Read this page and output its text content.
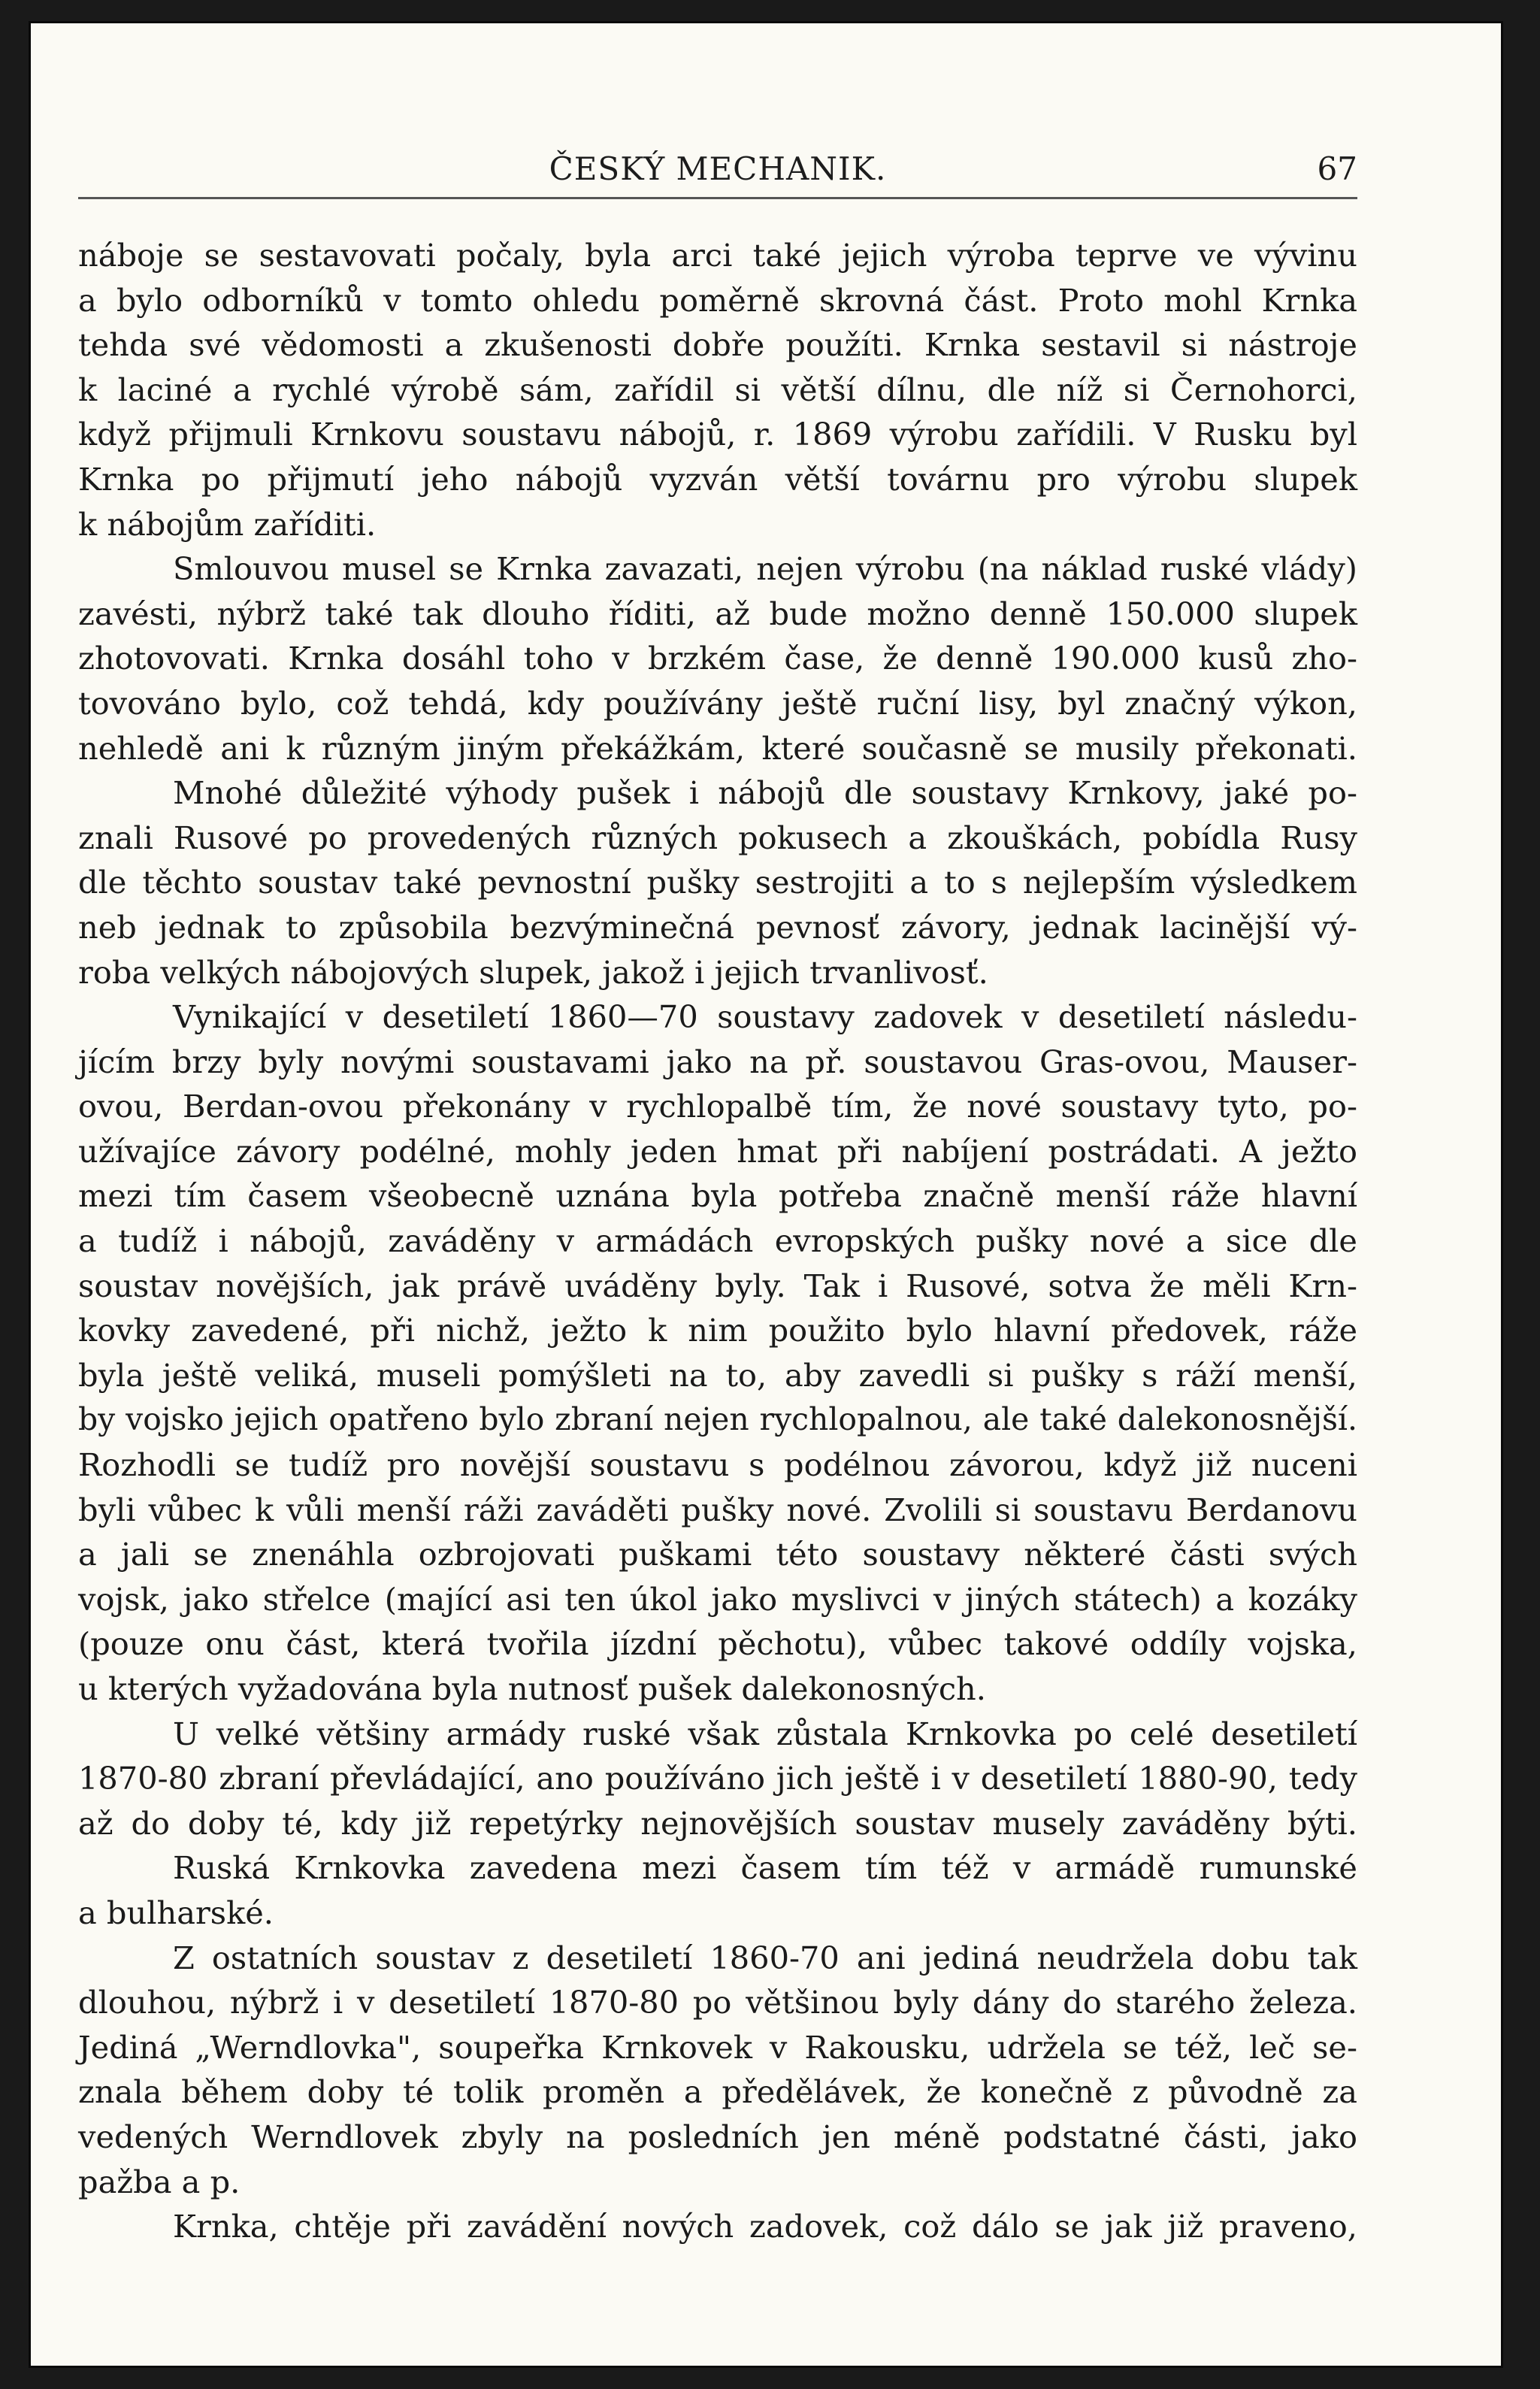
ČESKÝ MECHANIK.	67
náboje se sestavovati počaly, byla arci také jejich výroba teprve ve vývinu
a bylo odborníků v tomto ohledu poměrně skrovná část. Proto mohl Krnka
tehda své vědomosti a zkušenosti dobře použíti. Krnka sestavil si nástroje
k laciné a rychlé výrobě sám, zařídil si větší dílnu, dle níž si Černohorci,
když přijmuli Krnkovu soustavu nábojů, r. 1869 výrobu zařídili. V Rusku byl
Krnka po přijmutí jeho nábojů vyzván větší továrnu pro výrobu slupek
k nábojům zaříditi.
Smlouvou musel se Krnka zavazati, nejen výrobu (na náklad ruské vlády)
zavésti, nýbrž také tak dlouho říditi, až bude možno denně 150.000 slupek
zhotovovati. Krnka dosáhl toho v brzkém čase, že denně 190.000 kusů zho-
tovováno bylo, což tehdá, kdy používány ještě ruční lisy, byl značný výkon,
nehledě ani k různým jiným překážkám, které současně se musily překonati.
Mnohé důležité výhody pušek i nábojů dle soustavy Krnkovy, jaké po-
znali Rusové po provedených různých pokusech a zkouškách, pobídla Rusy
dle těchto soustav také pevnostní pušky sestrojiti a to s nejlepším výsledkem
neb jednak to způsobila bezvýminečná pevnosť závory, jednak lacinější vý-
roba velkých nábojových slupek, jakož i jejich trvanlivosť.
Vynikající v desetiletí 1860—70 soustavy zadovek v desetiletí následu-
jícím brzy byly novými soustavami jako na př. soustavou Gras-ovou, Mauser-
ovou, Berdan-ovou překonány v rychlopalbě tím, že nové soustavy tyto, po-
užívajíce závory podélné, mohly jeden hmat při nabíjení postrádati. A ježto
mezi tím časem všeobecně uznána byla potřeba značně menší ráže hlavní
a tudíž i nábojů, zaváděny v armádách evropských pušky nové a sice dle
soustav novějších, jak právě uváděny byly. Tak i Rusové, sotva že měli Krn-
kovky zavedené, při nichž, ježto k nim použito bylo hlavní předovek, ráže
byla ještě veliká, museli pomýšleti na to, aby zavedli si pušky s ráží menší,
by vojsko jejich opatřeno bylo zbraní nejen rychlopalnou, ale také dalekonosnější.
Rozhodli se tudíž pro novější soustavu s podélnou závorou, když již nuceni
byli vůbec k vůli menší ráži zaváděti pušky nové. Zvolili si soustavu Berdanovu
a jali se znenáhla ozbrojovati puškami této soustavy některé části svých
vojsk, jako střelce (mající asi ten úkol jako myslivci v jiných státech) a kozáky
(pouze onu část, která tvořila jízdní pěchotu), vůbec takové oddíly vojska,
u kterých vyžadována byla nutnosť pušek dalekonosných.
U velké většiny armády ruské však zůstala Krnkovka po celé desetiletí
1870-80 zbraní převládající, ano používáno jich ještě i v desetiletí 1880-90, tedy
až do doby té, kdy již repetýrky nejnovějších soustav musely zaváděny býti.
Ruská Krnkovka zavedena mezi časem tím též v armádě rumunské
a bulharské.
Z ostatních soustav z desetiletí 1860-70 ani jediná neudržela dobu tak
dlouhou, nýbrž i v desetiletí 1870-80 po většinou byly dány do starého železa.
Jediná „Werndlovka", soupeřka Krnkovek v Rakousku, udržela se též, leč se-
znala během doby té tolik proměn a předělávek, že konečně z původně za
vedených Werndlovek zbyly na posledních jen méně podstatné části, jako
pažba a p.
Krnka, chtěje při zavádění nových zadovek, což dálo se jak již praveno,
